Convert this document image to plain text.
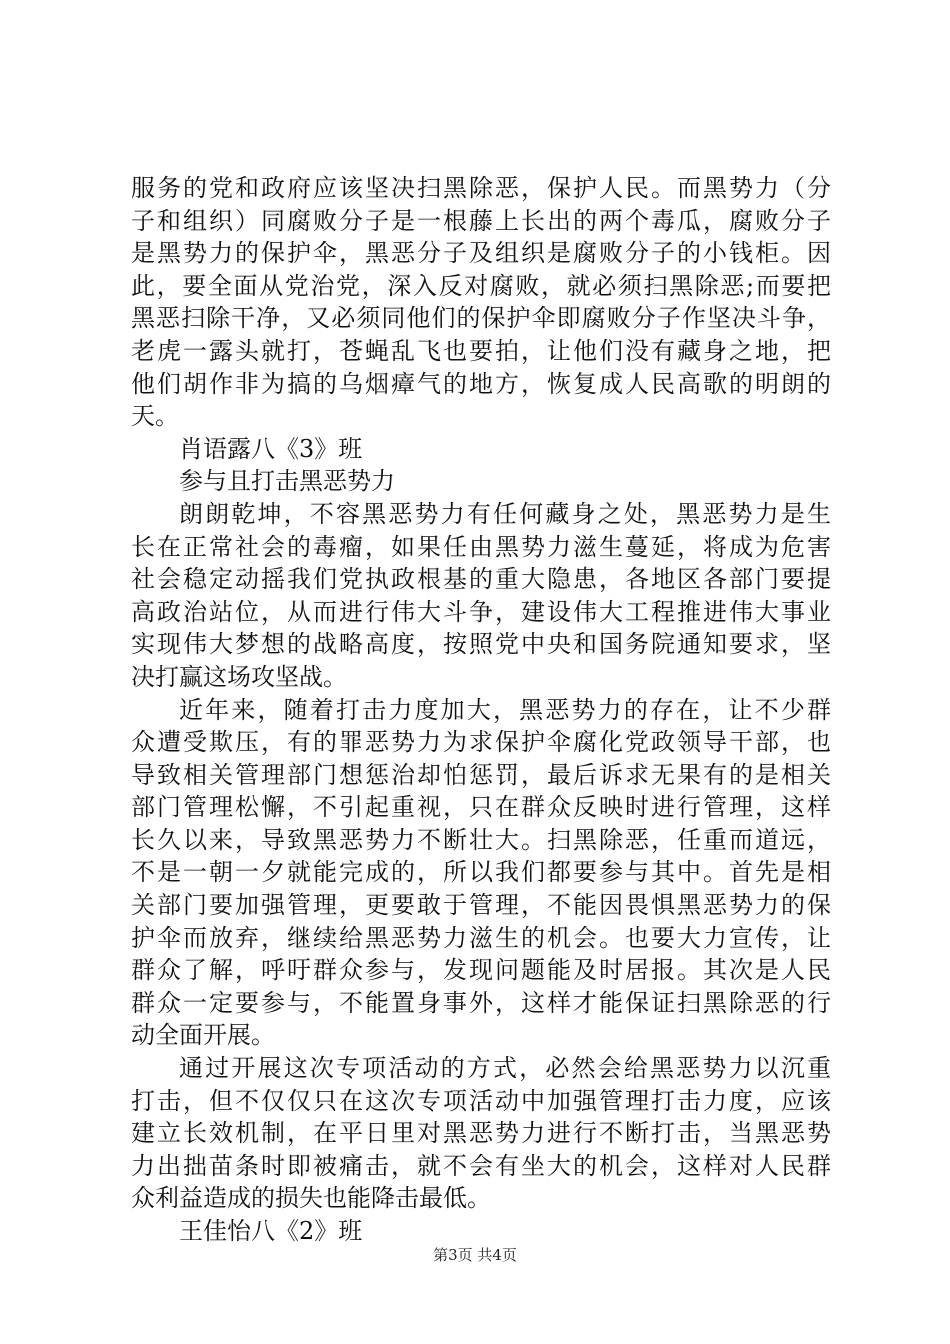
服务的党和政府应该坚决扫黑除恶，保护人民。而黑势力（分
子和组织）同腐败分子是一根藤上长出的两个毒瓜，腐败分子
是黑势力的保护伞，黑恶分子及组织是腐败分子的小钱柜。因
此，要全面从党治党，深入反对腐败，就必须扫黑除恶;而要把
黑恶扫除干净，又必须同他们的保护伞即腐败分子作坚决斗争，
老虎一露头就打，苍蝇乱飞也要拍，让他们没有藏身之地，把
他们胡作非为搞的乌烟瘴气的地方，恢复成人民高歌的明朗的
天。
肖语露八《3》班
参与且打击黑恶势力
朗朗乾坤，不容黑恶势力有任何藏身之处，黑恶势力是生
长在正常社会的毒瘤，如果任由黑势力滋生蔓延，将成为危害
社会稳定动摇我们党执政根基的重大隐患，各地区各部门要提
高政治站位，从而进行伟大斗争，建设伟大工程推进伟大事业
实现伟大梦想的战略高度，按照党中央和国务院通知要求，坚
决打赢这场攻坚战。
近年来，随着打击力度加大，黑恶势力的存在，让不少群
众遭受欺压，有的罪恶势力为求保护伞腐化党政领导干部，也
导致相关管理部门想惩治却怕惩罚，最后诉求无果有的是相关
部门管理松懈，不引起重视，只在群众反映时进行管理，这样
长久以来，导致黑恶势力不断壮大。扫黑除恶，任重而道远，
不是一朝一夕就能完成的，所以我们都要参与其中。首先是相
关部门要加强管理，更要敢于管理，不能因畏惧黑恶势力的保
护伞而放弃，继续给黑恶势力滋生的机会。也要大力宣传，让
群众了解，呼吁群众参与，发现问题能及时居报。其次是人民
群众一定要参与，不能置身事外，这样才能保证扫黑除恶的行
动全面开展。
通过开展这次专项活动的方式，必然会给黑恶势力以沉重
打击，但不仅仅只在这次专项活动中加强管理打击力度，应该
建立长效机制，在平日里对黑恶势力进行不断打击，当黑恶势
力出拙苗条时即被痛击，就不会有坐大的机会，这样对人民群
众利益造成的损失也能降击最低。
王佳怡八《2》班
第3页 共4页
